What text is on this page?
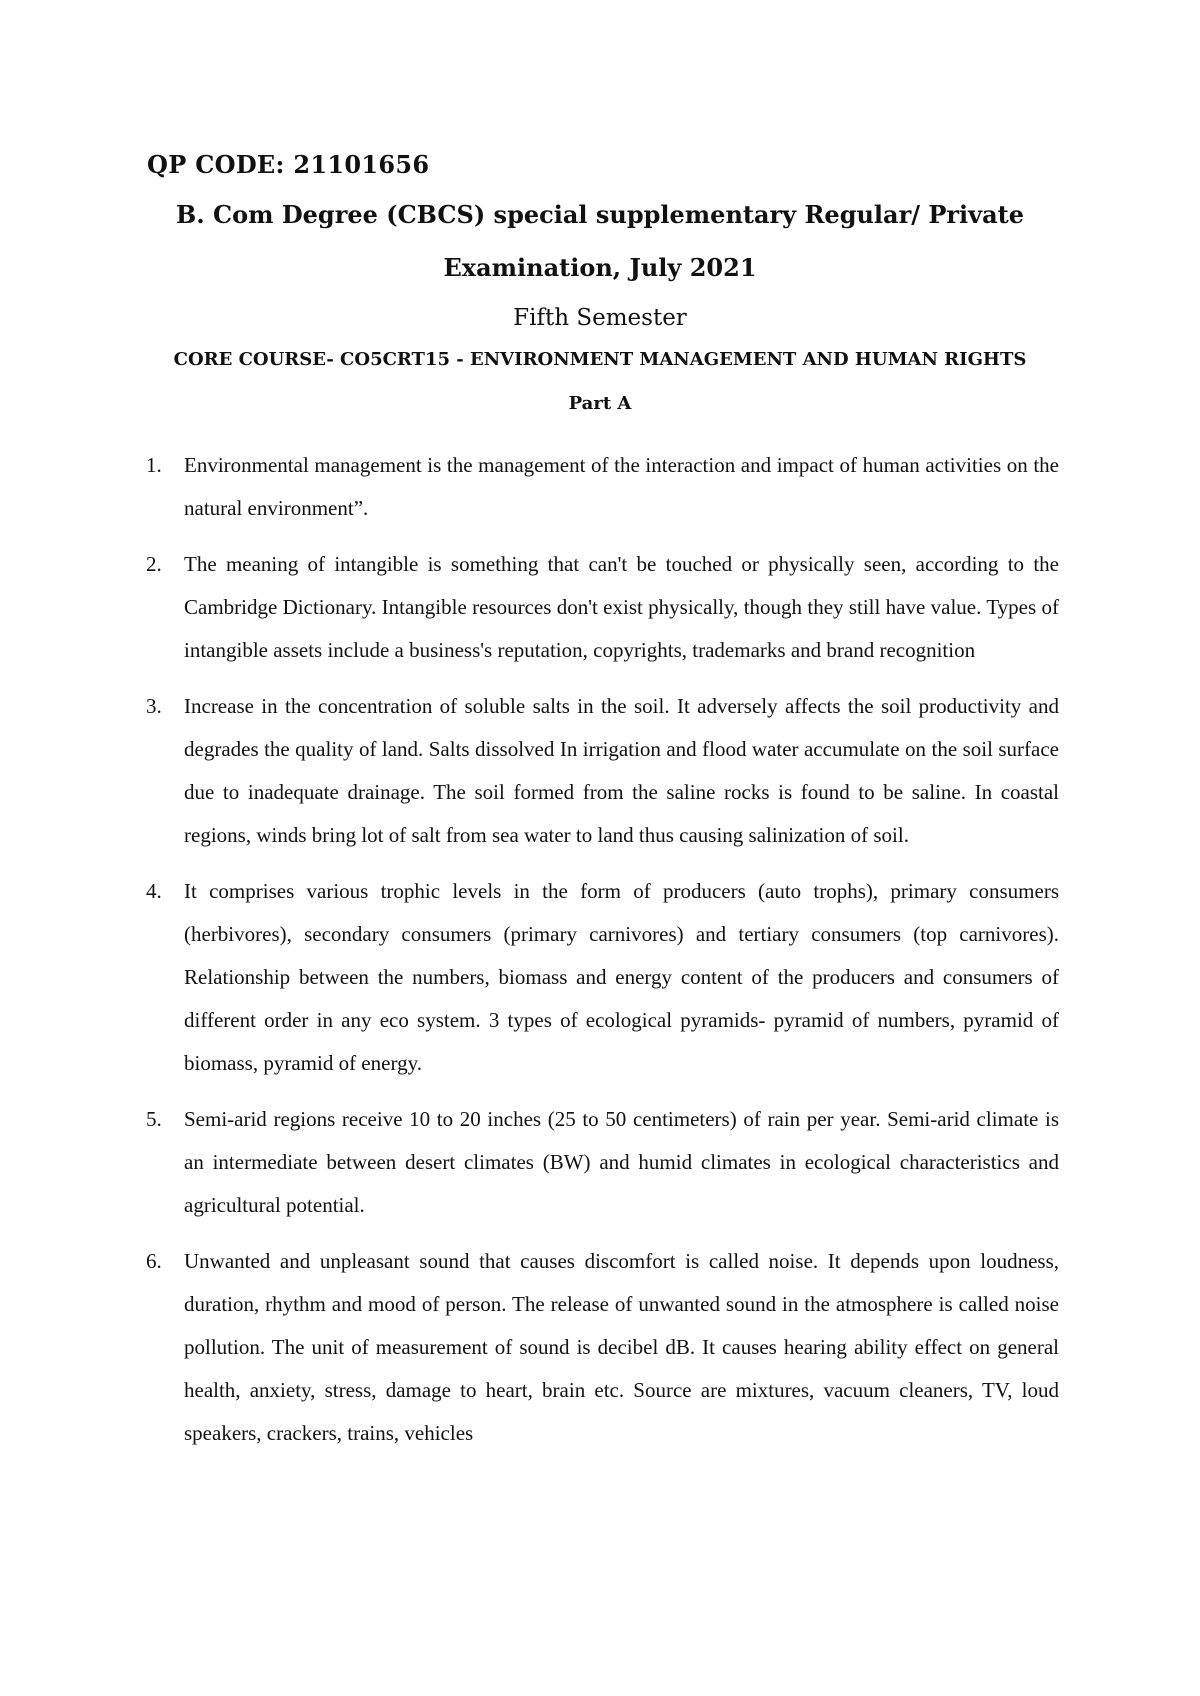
QP CODE: 21101656
B. Com Degree (CBCS) special supplementary Regular/ Private
Examination, July 2021
Fifth Semester
CORE COURSE- CO5CRT15 - ENVIRONMENT MANAGEMENT AND HUMAN RIGHTS
Part A
1. Environmental management is the management of the interaction and impact of human activities on the natural environment”.
2. The meaning of intangible is something that can't be touched or physically seen, according to the Cambridge Dictionary. Intangible resources don't exist physically, though they still have value. Types of intangible assets include a business's reputation, copyrights, trademarks and brand recognition
3. Increase in the concentration of soluble salts in the soil. It adversely affects the soil productivity and degrades the quality of land. Salts dissolved In irrigation and flood water accumulate on the soil surface due to inadequate drainage. The soil formed from the saline rocks is found to be saline. In coastal regions, winds bring lot of salt from sea water to land thus causing salinization of soil.
4. It comprises various trophic levels in the form of producers (auto trophs), primary consumers (herbivores), secondary consumers (primary carnivores) and tertiary consumers (top carnivores). Relationship between the numbers, biomass and energy content of the producers and consumers of different order in any eco system. 3 types of ecological pyramids- pyramid of numbers, pyramid of biomass, pyramid of energy.
5. Semi-arid regions receive 10 to 20 inches (25 to 50 centimeters) of rain per year. Semi-arid climate is an intermediate between desert climates (BW) and humid climates in ecological characteristics and agricultural potential.
6. Unwanted and unpleasant sound that causes discomfort is called noise. It depends upon loudness, duration, rhythm and mood of person. The release of unwanted sound in the atmosphere is called noise pollution. The unit of measurement of sound is decibel dB. It causes hearing ability effect on general health, anxiety, stress, damage to heart, brain etc. Source are mixtures, vacuum cleaners, TV, loud speakers, crackers, trains, vehicles
